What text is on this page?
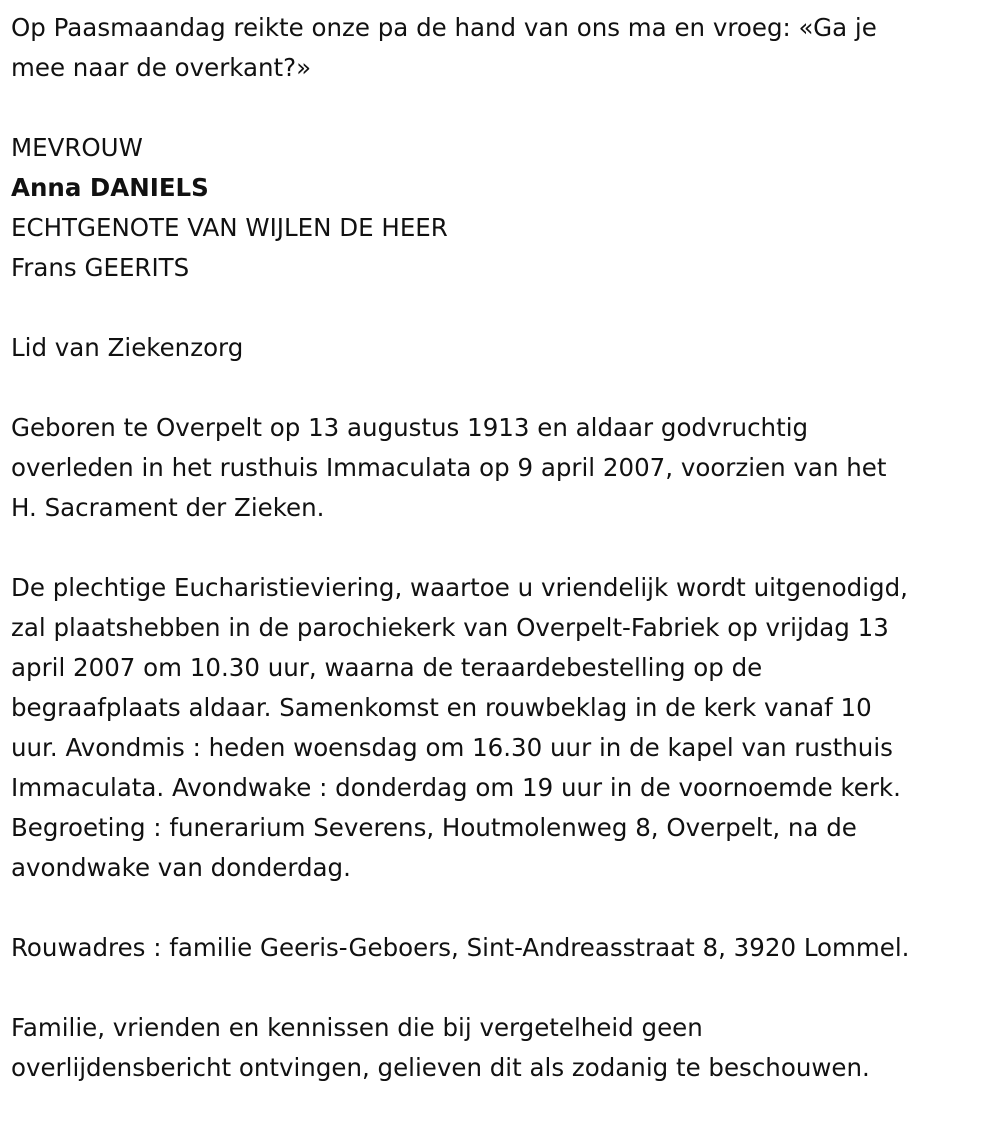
Op Paasmaandag reikte onze pa de hand van ons ma en vroeg: «Ga je

mee naar de overkant?»

MEVROUW

Anna DANIELS

ECHTGENOTE VAN WIJLEN DE HEER

Frans GEERITS

Lid van Ziekenzorg

Geboren te Overpelt op 13 augustus 1913 en aldaar godvruchtig

overleden in het rusthuis Immaculata op 9 april 2007, voorzien van het

H. Sacrament der Zieken.

De plechtige Eucharistieviering, waartoe u vriendelijk wordt uitgenodigd,

zal plaatshebben in de parochiekerk van Overpelt-Fabriek op vrijdag 13

april 2007 om 10.30 uur, waarna de teraardebestelling op de

begraafplaats aldaar. Samenkomst en rouwbeklag in de kerk vanaf 10

uur. Avondmis : heden woensdag om 16.30 uur in de kapel van rusthuis

Immaculata. Avondwake : donderdag om 19 uur in de voornoemde kerk.

Begroeting : funerarium Severens, Houtmolenweg 8, Overpelt, na de

avondwake van donderdag.

Rouwadres : familie Geeris-Geboers, Sint-Andreasstraat 8, 3920 Lommel.

Familie, vrienden en kennissen die bij vergetelheid geen

overlijdensbericht ontvingen, gelieven dit als zodanig te beschouwen.
